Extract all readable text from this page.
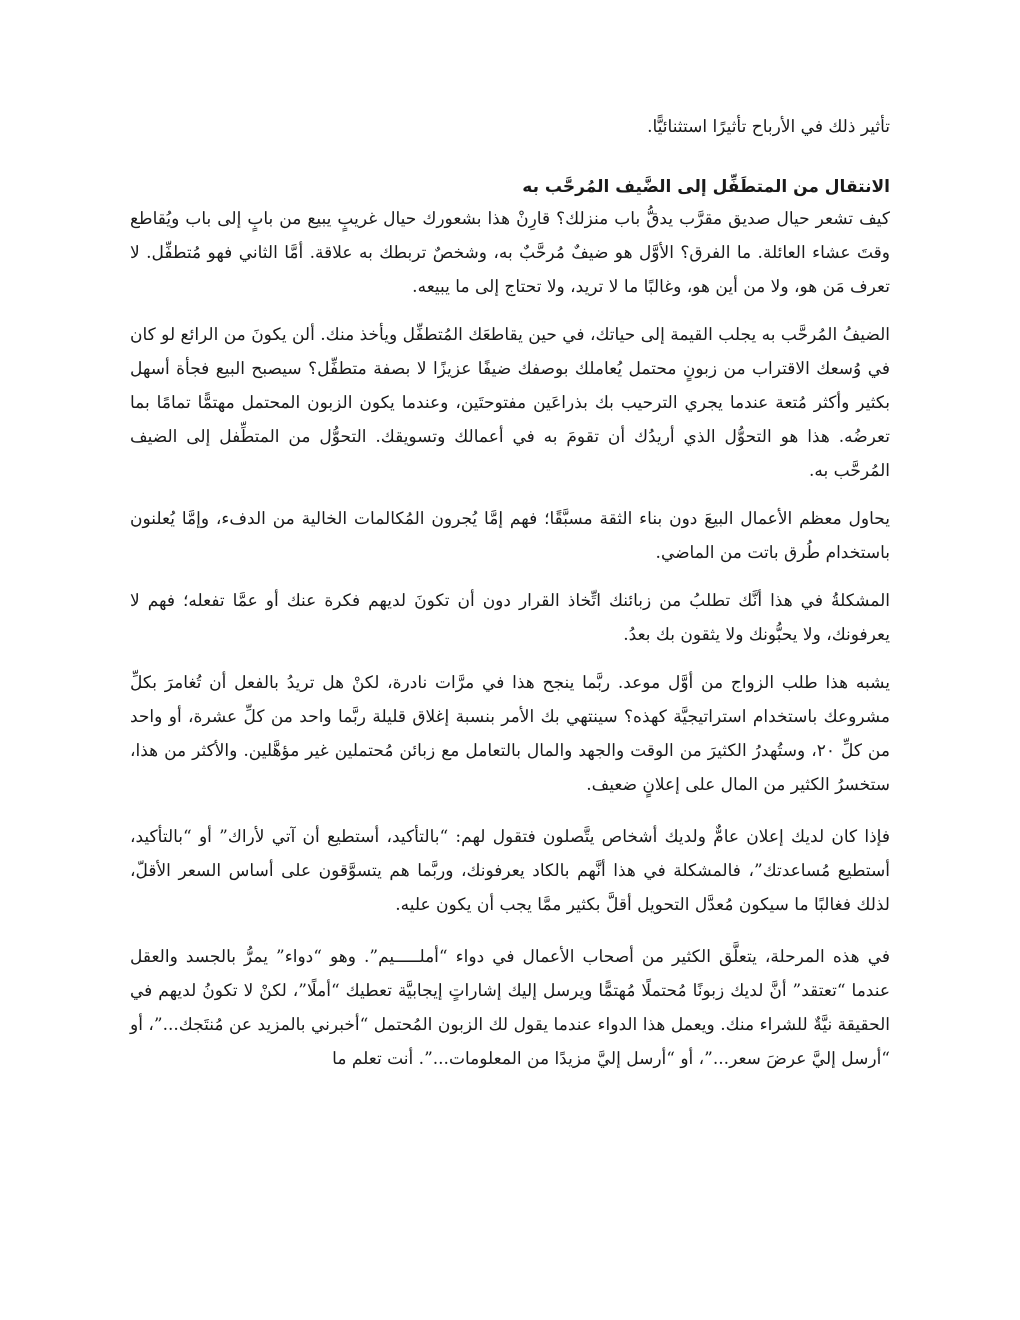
تأثير ذلك في الأرباح تأثيرًا استثنائيًّا.

الانتقال من المتطَفِّل إلى الضَّيف المُرحَّب به

كيف تشعر حيال صديق مقرَّب يدقُّ باب منزلك؟ قارِنْ هذا بشعورك حيال غريبٍ يبيع من بابٍ إلى باب ويُقاطع وقتَ عشاء العائلة. ما الفرق؟ الأوَّل هو ضيفٌ مُرحَّبٌ به، وشخصٌ تربطك به علاقة. أمَّا الثاني فهو مُتطفِّل. لا تعرف مَن هو، ولا من أين هو، وغالبًا ما لا تريد، ولا تحتاج إلى ما يبيعه.

الضيفُ المُرحَّب به يجلب القيمة إلى حياتك، في حين يقاطعَك المُتطفِّل ويأخذ منك. ألن يكونَ من الرائع لو كان في وُسعك الاقتراب من زبونٍ محتمل يُعاملك بوصفك ضيفًا عزيزًا لا بصفة متطفِّل؟ سيصبح البيع فجأة أسهل بكثير وأكثر مُتعة عندما يجري الترحيب بك بذراعَين مفتوحتَين، وعندما يكون الزبون المحتمل مهتمًّا تمامًا بما تعرضُه. هذا هو التحوُّل الذي أريدُك أن تقومَ به في أعمالك وتسويقك. التحوُّل من المتطِّفل إلى الضيف المُرحَّب به.

يحاول معظم الأعمال البيعَ دون بناء الثقة مسبَّقًا؛ فهم إمَّا يُجرون المُكالمات الخالية من الدفء، وإمَّا يُعلنون باستخدام طُرق باتت من الماضي.

المشكلةُ في هذا أنَّك تطلبُ من زبائنك اتِّخاذ القرار دون أن تكونَ لديهم فكرة عنك أو عمَّا تفعله؛ فهم لا يعرفونك، ولا يحبُّونك ولا يثقون بك بعدُ.

يشبه هذا طلب الزواج من أوَّل موعد. ربَّما ينجح هذا في مرَّات نادرة، لكنْ هل تريدُ بالفعل أن تُغامرَ بكلِّ مشروعك باستخدام استراتيجيَّة كهذه؟ سينتهي بك الأمر بنسبة إغلاق قليلة ربَّما واحد من كلِّ عشرة، أو واحد من كلِّ ٢٠، وستُهدرُ الكثيرَ من الوقت والجهد والمال بالتعامل مع زبائن مُحتملين غير مؤهَّلين. والأكثر من هذا، ستخسرُ الكثير من المال على إعلانٍ ضعيف.

فإذا كان لديك إعلان عامٌّ ولديك أشخاص يتَّصلون فتقول لهم: “بالتأكيد، أستطيع أن آتي لأراك” أو “بالتأكيد، أستطيع مُساعدتك”، فالمشكلة في هذا أنَّهم بالكاد يعرفونك، وربَّما هم يتسوَّقون على أساس السعر الأقلّ، لذلك فغالبًا ما سيكون مُعدَّل التحويل أقلَّ بكثير ممَّا يجب أن يكون عليه.

في هذه المرحلة، يتعلَّق الكثير من أصحاب الأعمال في دواء “أملـــــيم”. وهو “دواء” يمرُّ بالجسد والعقل عندما “تعتقد” أنَّ لديك زبونًا مُحتملًا مُهتمًّا ويرسل إليك إشاراتٍ إيجابيَّة تعطيك “أملًا”، لكنْ لا تكونُ لديهم في الحقيقة نيَّةٌ للشراء منك. ويعمل هذا الدواء عندما يقول لك الزبون المُحتمل “أخبرني بالمزيد عن مُنتَجك...”، أو “أرسل إليَّ عرضَ سعر...”، أو “أرسل إليَّ مزيدًا من المعلومات...”. أنت تعلم ما
